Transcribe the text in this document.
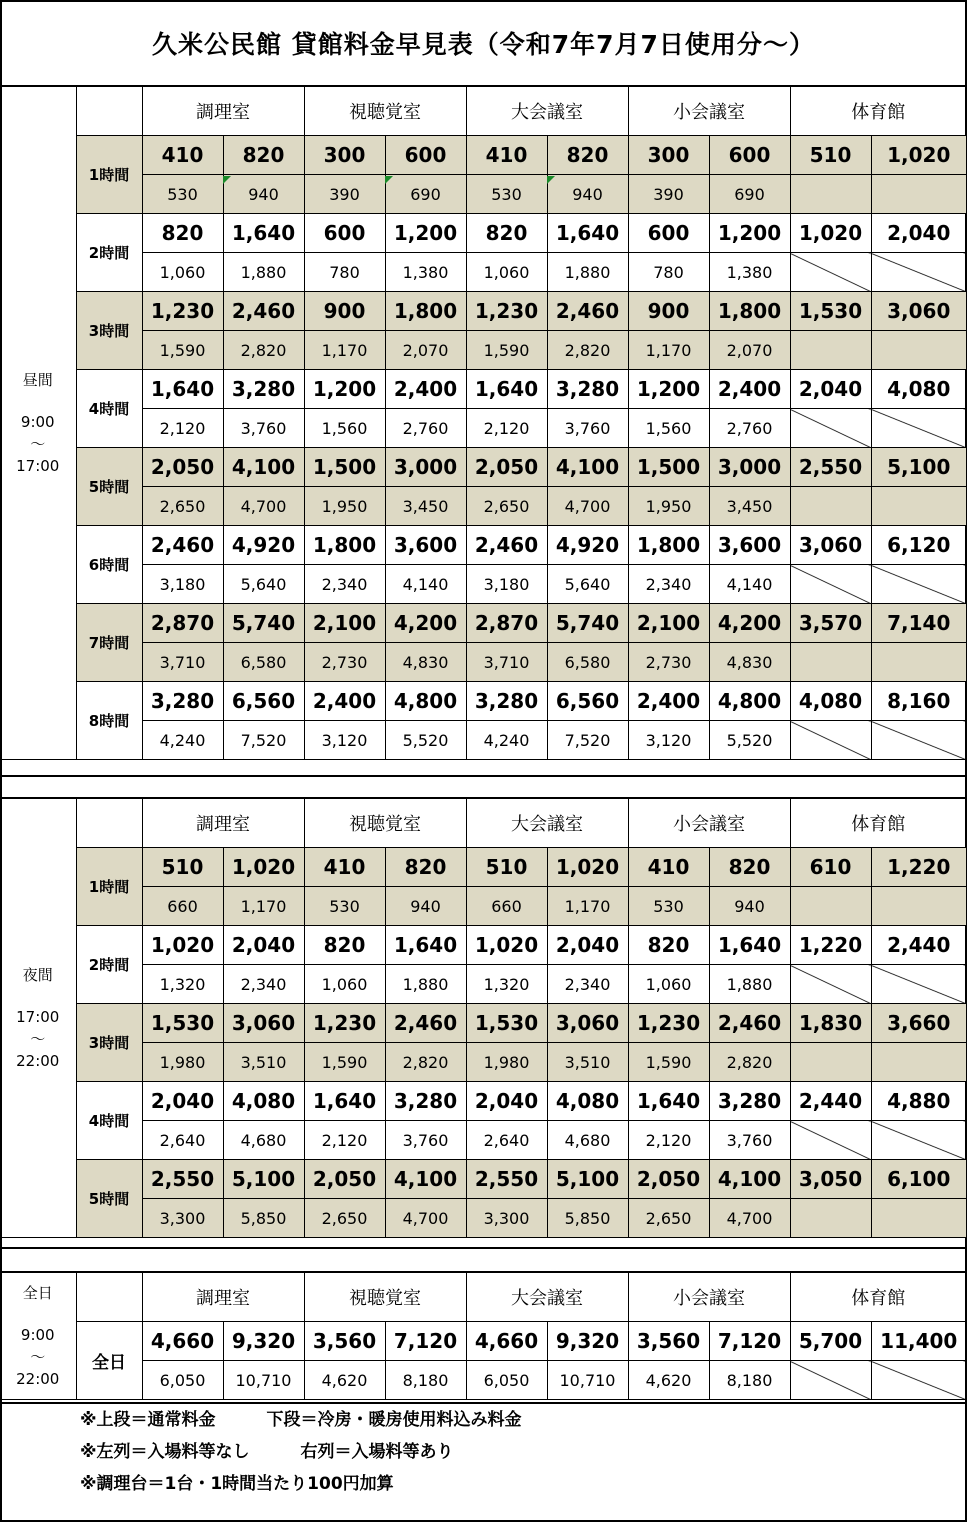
久米公民館 貸館料金早見表（令和7年7月7日使用分～）
昼間
9:00
～
17:00		調理室		視聴覚室		大会議室		小会議室		体育館	
	1時間	410	820	300	600	410	820	300	600	510	1,020
		530	940	390	690	530	940	390	690		
	2時間	820	1,640	600	1,200	820	1,640	600	1,200	1,020	2,040
		1,060	1,880	780	1,380	1,060	1,880	780	1,380		
	3時間	1,230	2,460	900	1,800	1,230	2,460	900	1,800	1,530	3,060
		1,590	2,820	1,170	2,070	1,590	2,820	1,170	2,070		
	4時間	1,640	3,280	1,200	2,400	1,640	3,280	1,200	2,400	2,040	4,080
		2,120	3,760	1,560	2,760	2,120	3,760	1,560	2,760		
	5時間	2,050	4,100	1,500	3,000	2,050	4,100	1,500	3,000	2,550	5,100
		2,650	4,700	1,950	3,450	2,650	4,700	1,950	3,450		
	6時間	2,460	4,920	1,800	3,600	2,460	4,920	1,800	3,600	3,060	6,120
		3,180	5,640	2,340	4,140	3,180	5,640	2,340	4,140		
	7時間	2,870	5,740	2,100	4,200	2,870	5,740	2,100	4,200	3,570	7,140
		3,710	6,580	2,730	4,830	3,710	6,580	2,730	4,830		
	8時間	3,280	6,560	2,400	4,800	3,280	6,560	2,400	4,800	4,080	8,160
		4,240	7,520	3,120	5,520	4,240	7,520	3,120	5,520		
夜間
17:00
～
22:00		調理室		視聴覚室		大会議室		小会議室		体育館	
	1時間	510	1,020	410	820	510	1,020	410	820	610	1,220
		660	1,170	530	940	660	1,170	530	940		
	2時間	1,020	2,040	820	1,640	1,020	2,040	820	1,640	1,220	2,440
		1,320	2,340	1,060	1,880	1,320	2,340	1,060	1,880		
	3時間	1,530	3,060	1,230	2,460	1,530	3,060	1,230	2,460	1,830	3,660
		1,980	3,510	1,590	2,820	1,980	3,510	1,590	2,820		
	4時間	2,040	4,080	1,640	3,280	2,040	4,080	1,640	3,280	2,440	4,880
		2,640	4,680	2,120	3,760	2,640	4,680	2,120	3,760		
	5時間	2,550	5,100	2,050	4,100	2,550	5,100	2,050	4,100	3,050	6,100
		3,300	5,850	2,650	4,700	3,300	5,850	2,650	4,700		
全日
9:00
～
22:00		調理室		視聴覚室		大会議室		小会議室		体育館	
	全日	4,660	9,320	3,560	7,120	4,660	9,320	3,560	7,120	5,700	11,400
		6,050	10,710	4,620	8,180	6,050	10,710	4,620	8,180		
※上段＝通常料金　　　下段＝冷房・暖房使用料込み料金
※左列＝入場料等なし　　　右列＝入場料等あり
※調理台＝1台・1時間当たり100円加算
